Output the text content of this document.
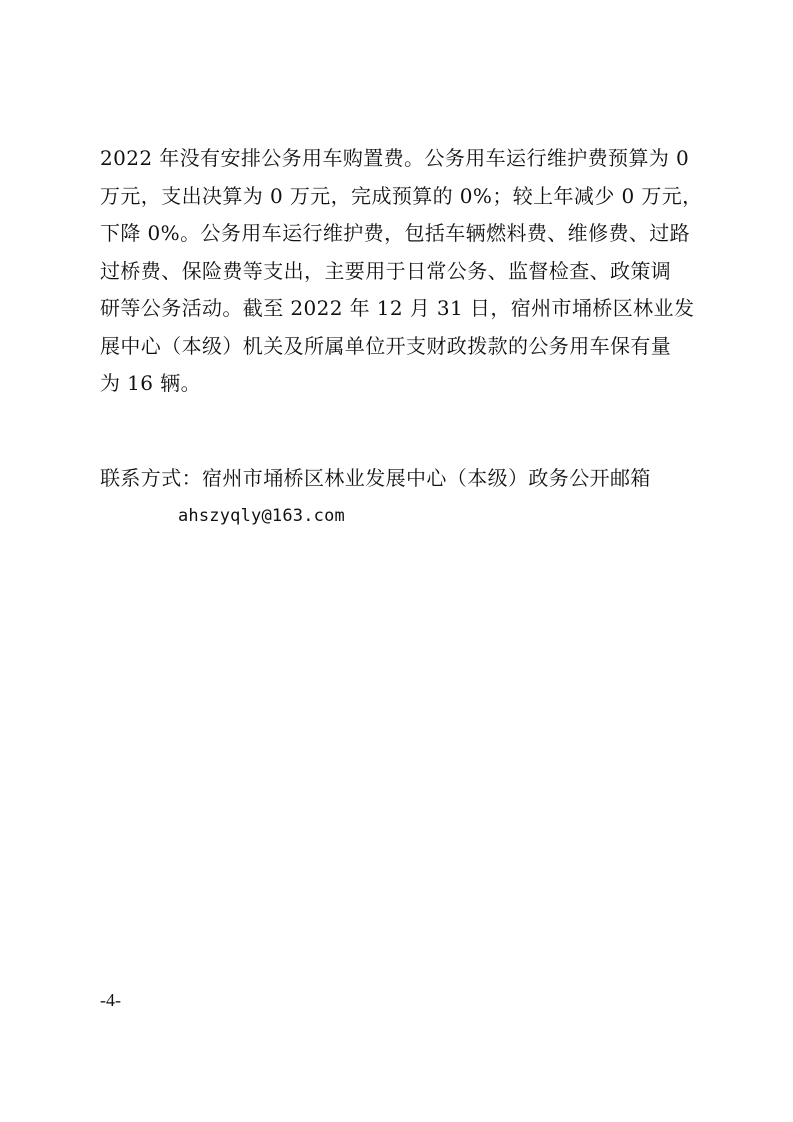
2022 年没有安排公务用车购置费。公务用车运行维护费预算为 0
万元，支出决算为 0 万元，完成预算的 0%；较上年减少 0 万元，
下降 0%。公务用车运行维护费，包括车辆燃料费、维修费、过路
过桥费、保险费等支出，主要用于日常公务、监督检查、政策调
研等公务活动。截至 2022 年 12 月 31 日，宿州市埇桥区林业发
展中心（本级）机关及所属单位开支财政拨款的公务用车保有量
为 16 辆。
联系方式：宿州市埇桥区林业发展中心（本级）政务公开邮箱
ahszyqly@163.com
-4-
